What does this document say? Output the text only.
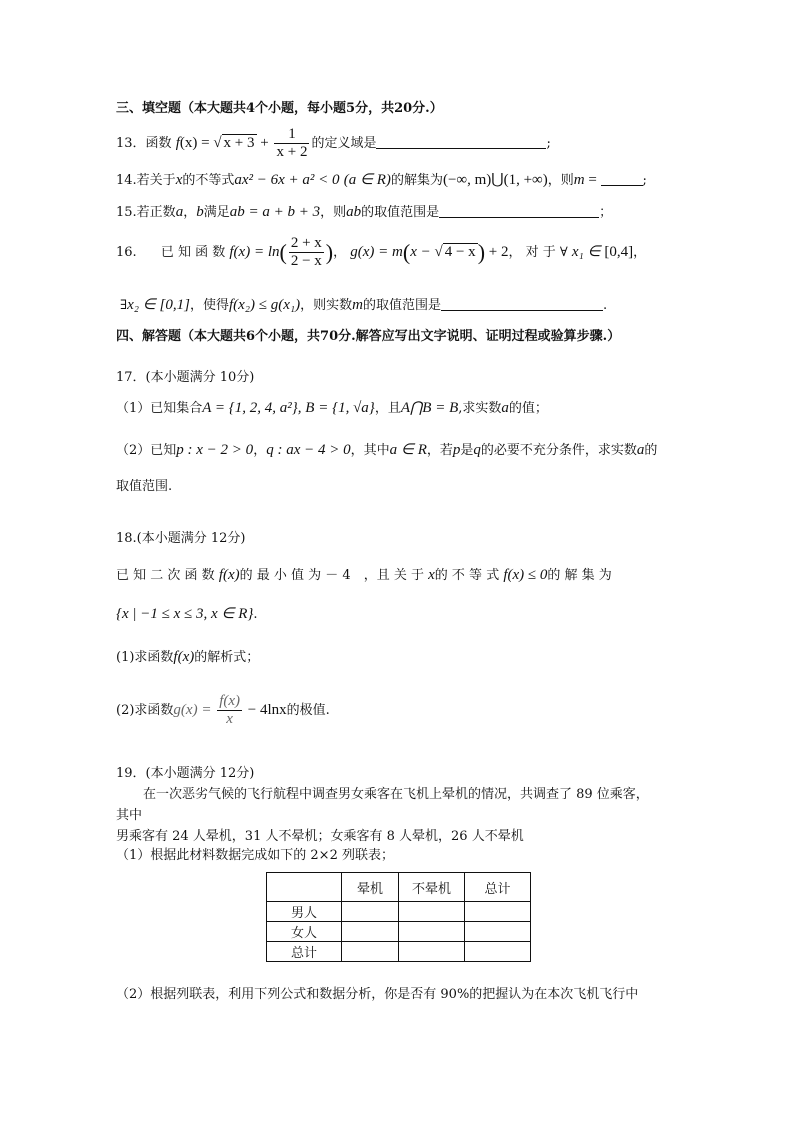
三、填空题（本大题共4个小题，每小题5分，共20分.）
13．函数 f(x) = √ $x + 3 + \frac{1}{x + 2}$ 的定义域是	;
14.若关于x的不等式ax² − 6x + a² < 0 (a ∈ R)的解集为(−∞, m)⋃(1, +∞)，则m =	;
15.若正数a，b满足ab = a + b + 3，则ab的取值范围是	；
16. 已 知 函 数 $f(x) = \ln( \frac{2 + x}{2 - x}$ )， g(x) = m(x − √ 4 − x) + 2， 对 于 ∀ x₁ ∈ [0,4]，
∃x₂ ∈ [0,1]，使得f(x₂) ≤ g(x₁)，则实数m的取值范围是	.
四、解答题（本大题共6个小题，共70分.解答应写出文字说明、证明过程或验算步骤.）
17．(本小题满分 10分)
（1）已知集合A = {1, 2, 4, a²}, B = {1, √a}，且A⋂B = B,求实数a的值；
（2）已知p : x − 2 > 0，q : ax − 4 > 0，其中a ∈ R，若p是q的必要不充分条件，求实数a的
取值范围.
18.(本小题满分 12分)
已 知 二 次 函 数 f(x)的 最 小 值 为 － 4　，且 关 于 x的 不 等 式 f(x) ≤ 0的 解 集 为
{x | −1 ≤ x ≤ 3, x ∈ R}.
(1)求函数f(x)的解析式；
(2)求函数$g(x) = \frac{f(x)}{x} - 4\ln x$的极值.
19．(本小题满分 12分)
在一次恶劣气候的飞行航程中调查男女乘客在飞机上晕机的情况，共调查了 89 位乘客，
其中
男乘客有 24 人晕机，31 人不晕机；女乘客有 8 人晕机，26 人不晕机
（1）根据此材料数据完成如下的 2×2 列联表；
	晕机	不晕机	总计
男人			
女人			
总计			
（2）根据列联表，利用下列公式和数据分析，你是否有 90%的把握认为在本次飞机飞行中
